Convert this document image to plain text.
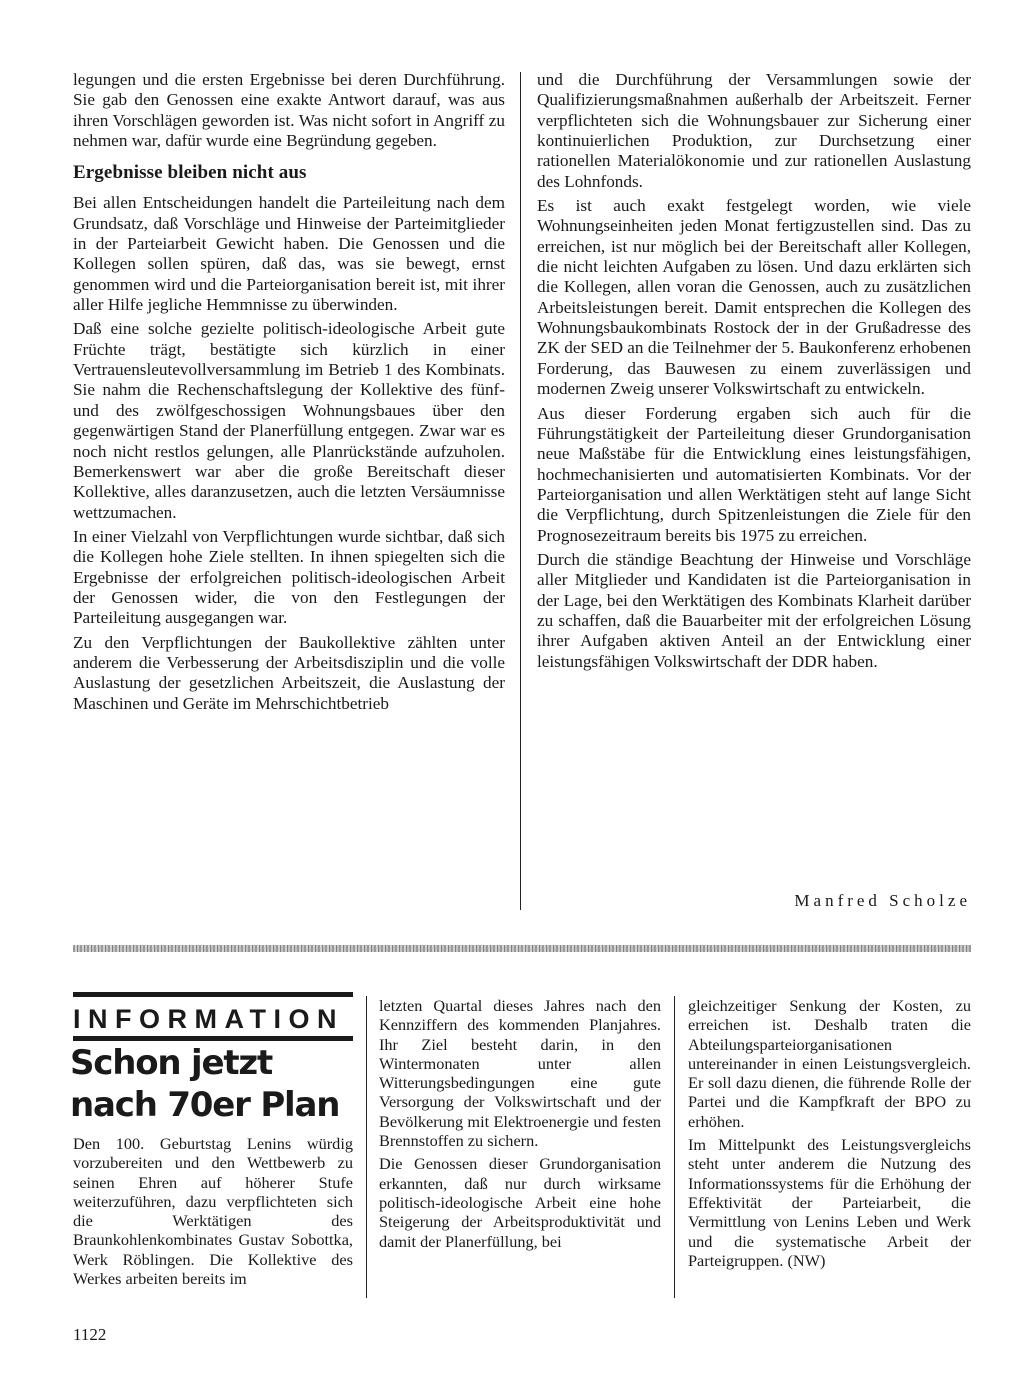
legungen und die ersten Ergebnisse bei deren Durchführung. Sie gab den Genossen eine exakte Antwort darauf, was aus ihren Vorschlägen geworden ist. Was nicht sofort in Angriff zu nehmen war, dafür wurde eine Begründung gegeben.

Ergebnisse bleiben nicht aus

Bei allen Entscheidungen handelt die Parteileitung nach dem Grundsatz, daß Vorschläge und Hinweise der Parteimitglieder in der Parteiarbeit Gewicht haben. Die Genossen und die Kollegen sollen spüren, daß das, was sie bewegt, ernst genommen wird und die Parteiorganisation bereit ist, mit ihrer aller Hilfe jegliche Hemmnisse zu überwinden.

Daß eine solche gezielte politisch-ideologische Arbeit gute Früchte trägt, bestätigte sich kürzlich in einer Vertrauensleutevollversammlung im Betrieb 1 des Kombinats. Sie nahm die Rechenschaftslegung der Kollektive des fünf- und des zwölfgeschossigen Wohnungsbaues über den gegenwärtigen Stand der Planerfüllung entgegen. Zwar war es noch nicht restlos gelungen, alle Planrückstände aufzuholen. Bemerkenswert war aber die große Bereitschaft dieser Kollektive, alles daranzusetzen, auch die letzten Versäumnisse wettzumachen.

In einer Vielzahl von Verpflichtungen wurde sichtbar, daß sich die Kollegen hohe Ziele stellten. In ihnen spiegelten sich die Ergebnisse der erfolgreichen politisch-ideologischen Arbeit der Genossen wider, die von den Festlegungen der Parteileitung ausgegangen war.

Zu den Verpflichtungen der Baukollektive zählten unter anderem die Verbesserung der Arbeitsdisziplin und die volle Auslastung der gesetzlichen Arbeitszeit, die Auslastung der Maschinen und Geräte im Mehrschichtbetrieb

und die Durchführung der Versammlungen sowie der Qualifizierungsmaßnahmen außerhalb der Arbeitszeit. Ferner verpflichteten sich die Wohnungsbauer zur Sicherung einer kontinuierlichen Produktion, zur Durchsetzung einer rationellen Materialökonomie und zur rationellen Auslastung des Lohnfonds.

Es ist auch exakt festgelegt worden, wie viele Wohnungseinheiten jeden Monat fertigzustellen sind. Das zu erreichen, ist nur möglich bei der Bereitschaft aller Kollegen, die nicht leichten Aufgaben zu lösen. Und dazu erklärten sich die Kollegen, allen voran die Genossen, auch zu zusätzlichen Arbeitsleistungen bereit. Damit entsprechen die Kollegen des Wohnungsbaukombinats Rostock der in der Grußadresse des ZK der SED an die Teilnehmer der 5. Baukonferenz erhobenen Forderung, das Bauwesen zu einem zuverlässigen und modernen Zweig unserer Volkswirtschaft zu entwickeln.

Aus dieser Forderung ergaben sich auch für die Führungstätigkeit der Parteileitung dieser Grundorganisation neue Maßstäbe für die Entwicklung eines leistungsfähigen, hochmechanisierten und automatisierten Kombinats. Vor der Parteiorganisation und allen Werktätigen steht auf lange Sicht die Verpflichtung, durch Spitzenleistungen die Ziele für den Prognosezeitraum bereits bis 1975 zu erreichen.

Durch die ständige Beachtung der Hinweise und Vorschläge aller Mitglieder und Kandidaten ist die Parteiorganisation in der Lage, bei den Werktätigen des Kombinats Klarheit darüber zu schaffen, daß die Bauarbeiter mit der erfolgreichen Lösung ihrer Aufgaben aktiven Anteil an der Entwicklung einer leistungsfähigen Volkswirtschaft der DDR haben.

Manfred Scholze
INFORMATION
Schon jetzt
nach 70er Plan

Den 100. Geburtstag Lenins würdig vorzubereiten und den Wettbewerb zu seinen Ehren auf höherer Stufe weiterzuführen, dazu verpflichteten sich die Werktätigen des Braunkohlenkombinates Gustav Sobottka, Werk Röblingen. Die Kollektive des Werkes arbeiten bereits im

letzten Quartal dieses Jahres nach den Kennziffern des kommenden Planjahres. Ihr Ziel besteht darin, in den Wintermonaten unter allen Witterungsbedingungen eine gute Versorgung der Volkswirtschaft und der Bevölkerung mit Elektroenergie und festen Brennstoffen zu sichern.

Die Genossen dieser Grundorganisation erkannten, daß nur durch wirksame politisch-ideologische Arbeit eine hohe Steigerung der Arbeitsproduktivität und damit der Planerfüllung, bei

gleichzeitiger Senkung der Kosten, zu erreichen ist. Deshalb traten die Abteilungsparteiorganisationen untereinander in einen Leistungsvergleich. Er soll dazu dienen, die führende Rolle der Partei und die Kampfkraft der BPO zu erhöhen.

Im Mittelpunkt des Leistungsvergleichs steht unter anderem die Nutzung des Informationssystems für die Erhöhung der Effektivität der Parteiarbeit, die Vermittlung von Lenins Leben und Werk und die systematische Arbeit der Parteigruppen. (NW)

1122
